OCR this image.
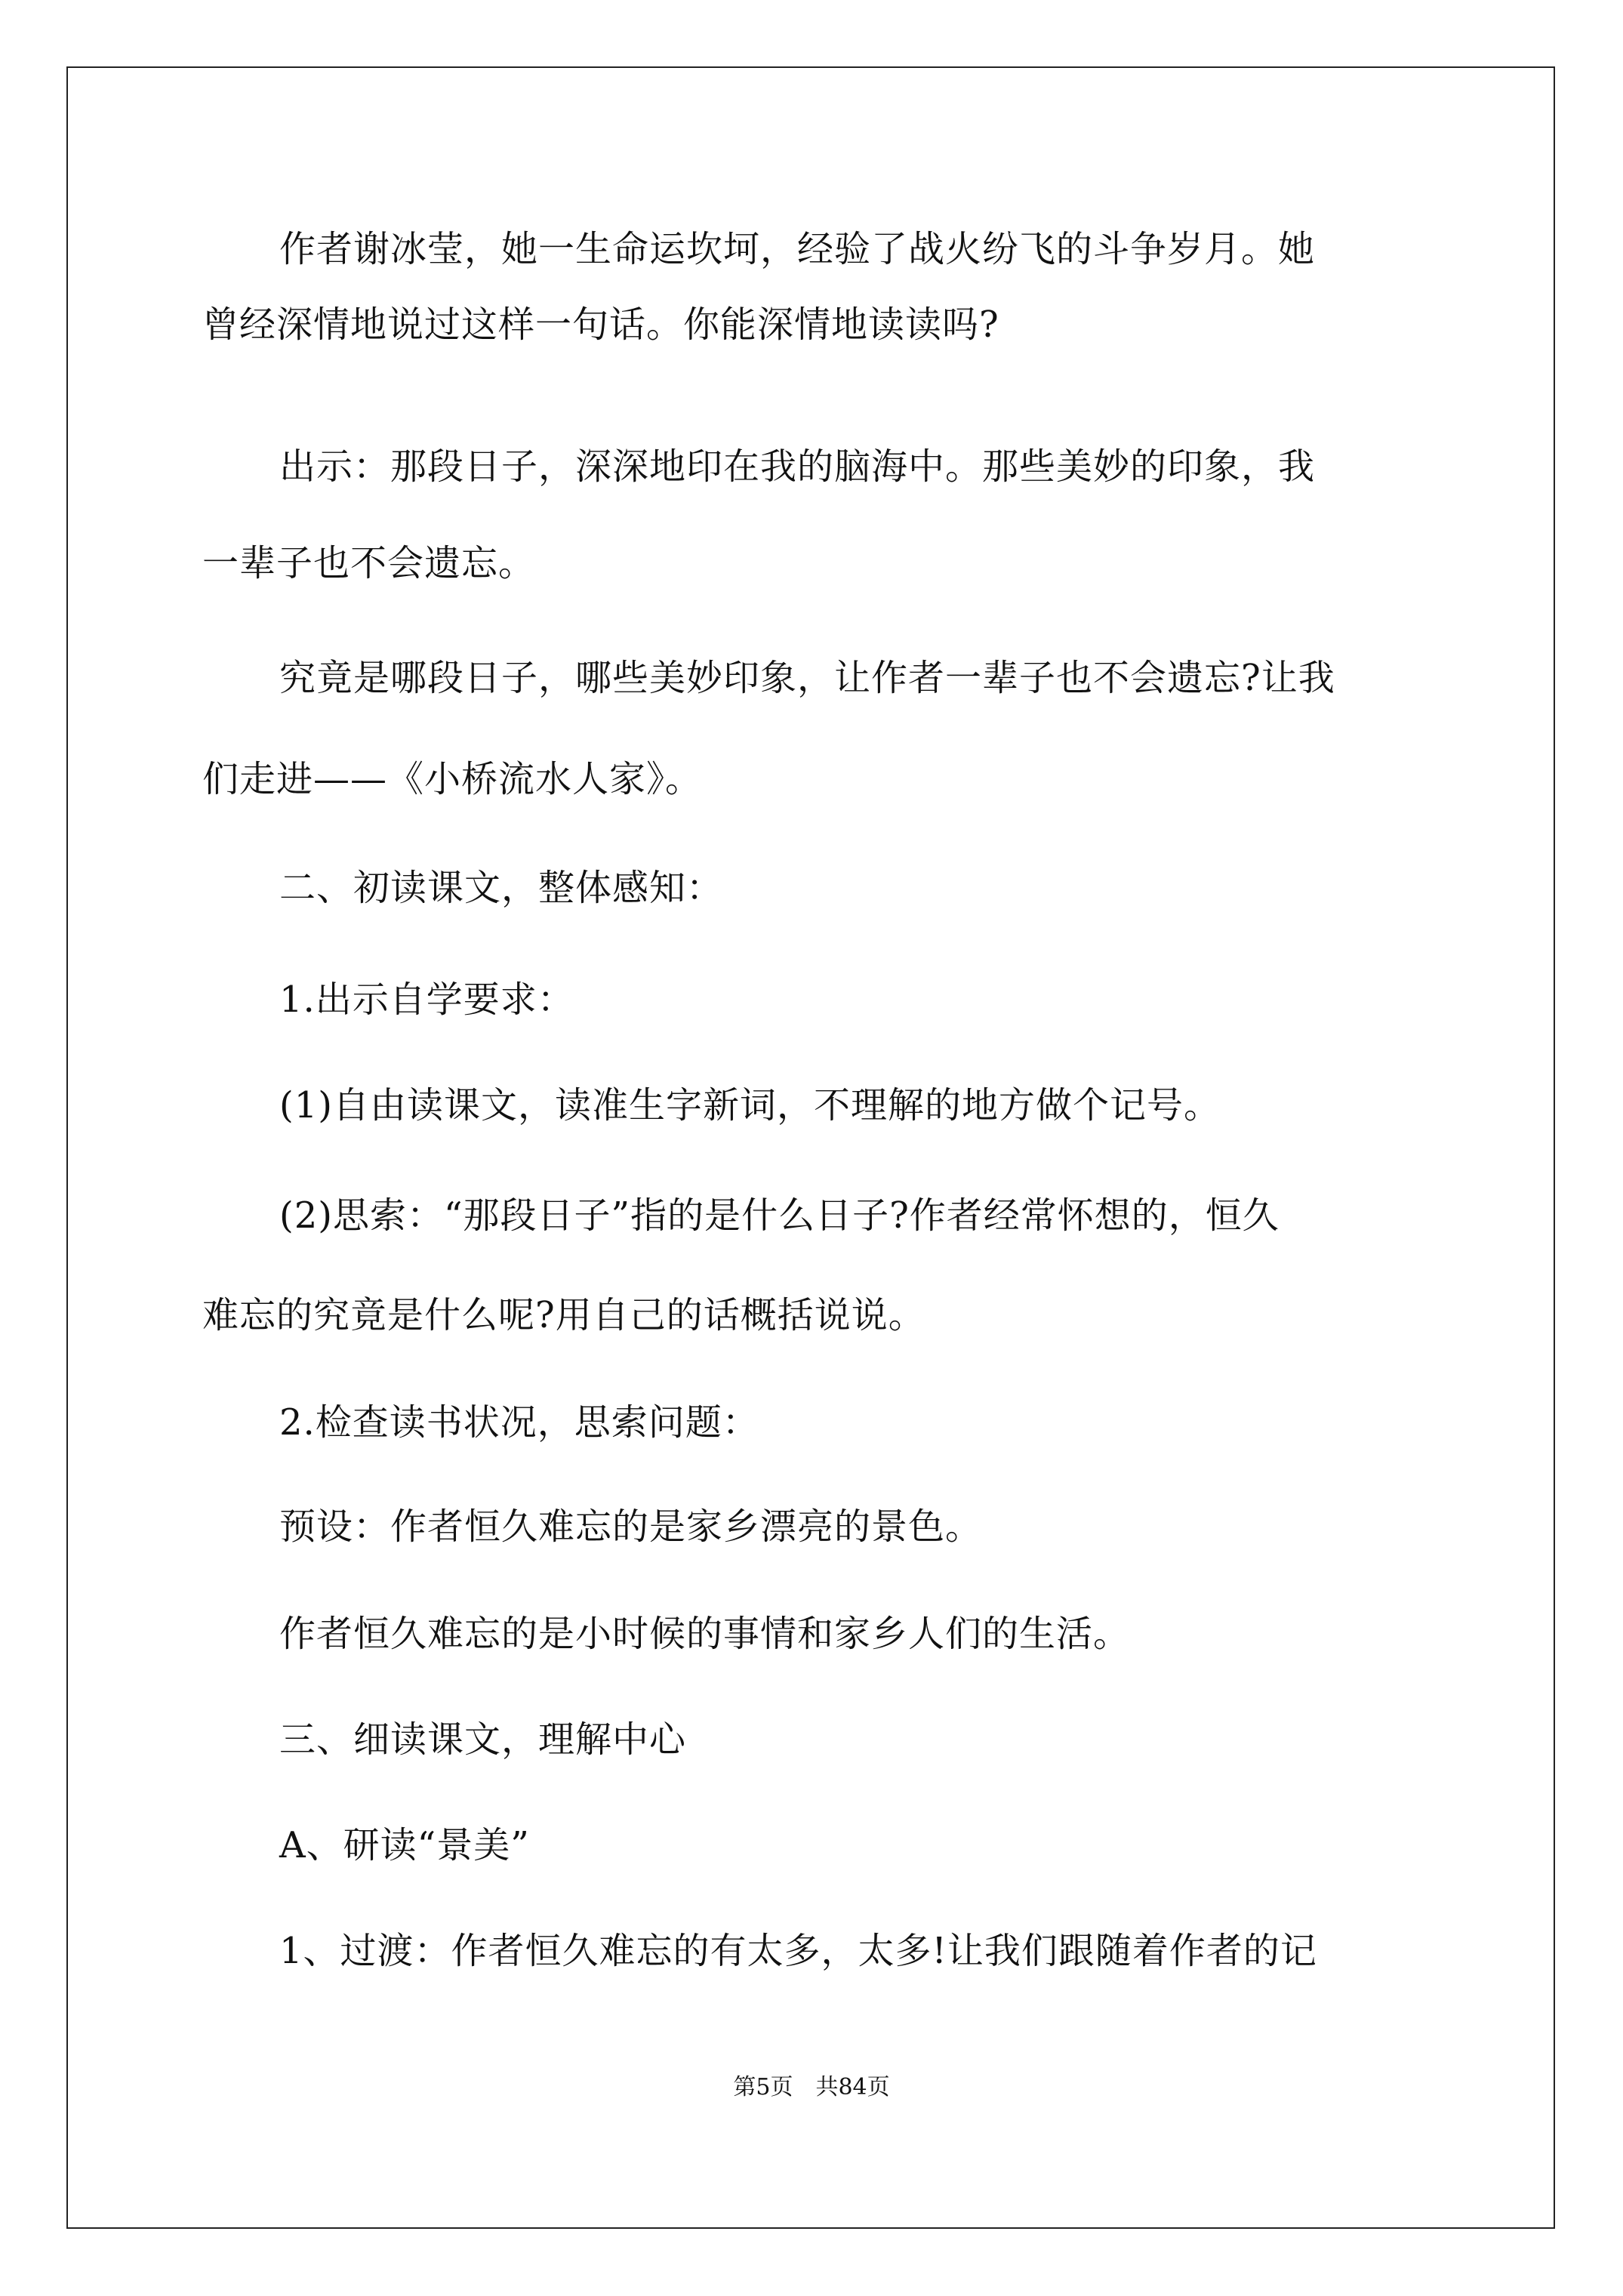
作者谢冰莹，她一生命运坎坷，经验了战火纷飞的斗争岁月。她
曾经深情地说过这样一句话。你能深情地读读吗?
出示：那段日子，深深地印在我的脑海中。那些美妙的印象，我
一辈子也不会遗忘。
究竟是哪段日子，哪些美妙印象，让作者一辈子也不会遗忘?让我
们走进——《小桥流水人家》。
二、初读课文，整体感知：
1.出示自学要求：
(1)自由读课文，读准生字新词，不理解的地方做个记号。
(2)思索：“那段日子”指的是什么日子?作者经常怀想的，恒久
难忘的究竟是什么呢?用自己的话概括说说。
2.检查读书状况，思索问题：
预设：作者恒久难忘的是家乡漂亮的景色。
作者恒久难忘的是小时候的事情和家乡人们的生活。
三、细读课文，理解中心
A、研读“景美”
1、过渡：作者恒久难忘的有太多，太多!让我们跟随着作者的记
第5页 共84页
